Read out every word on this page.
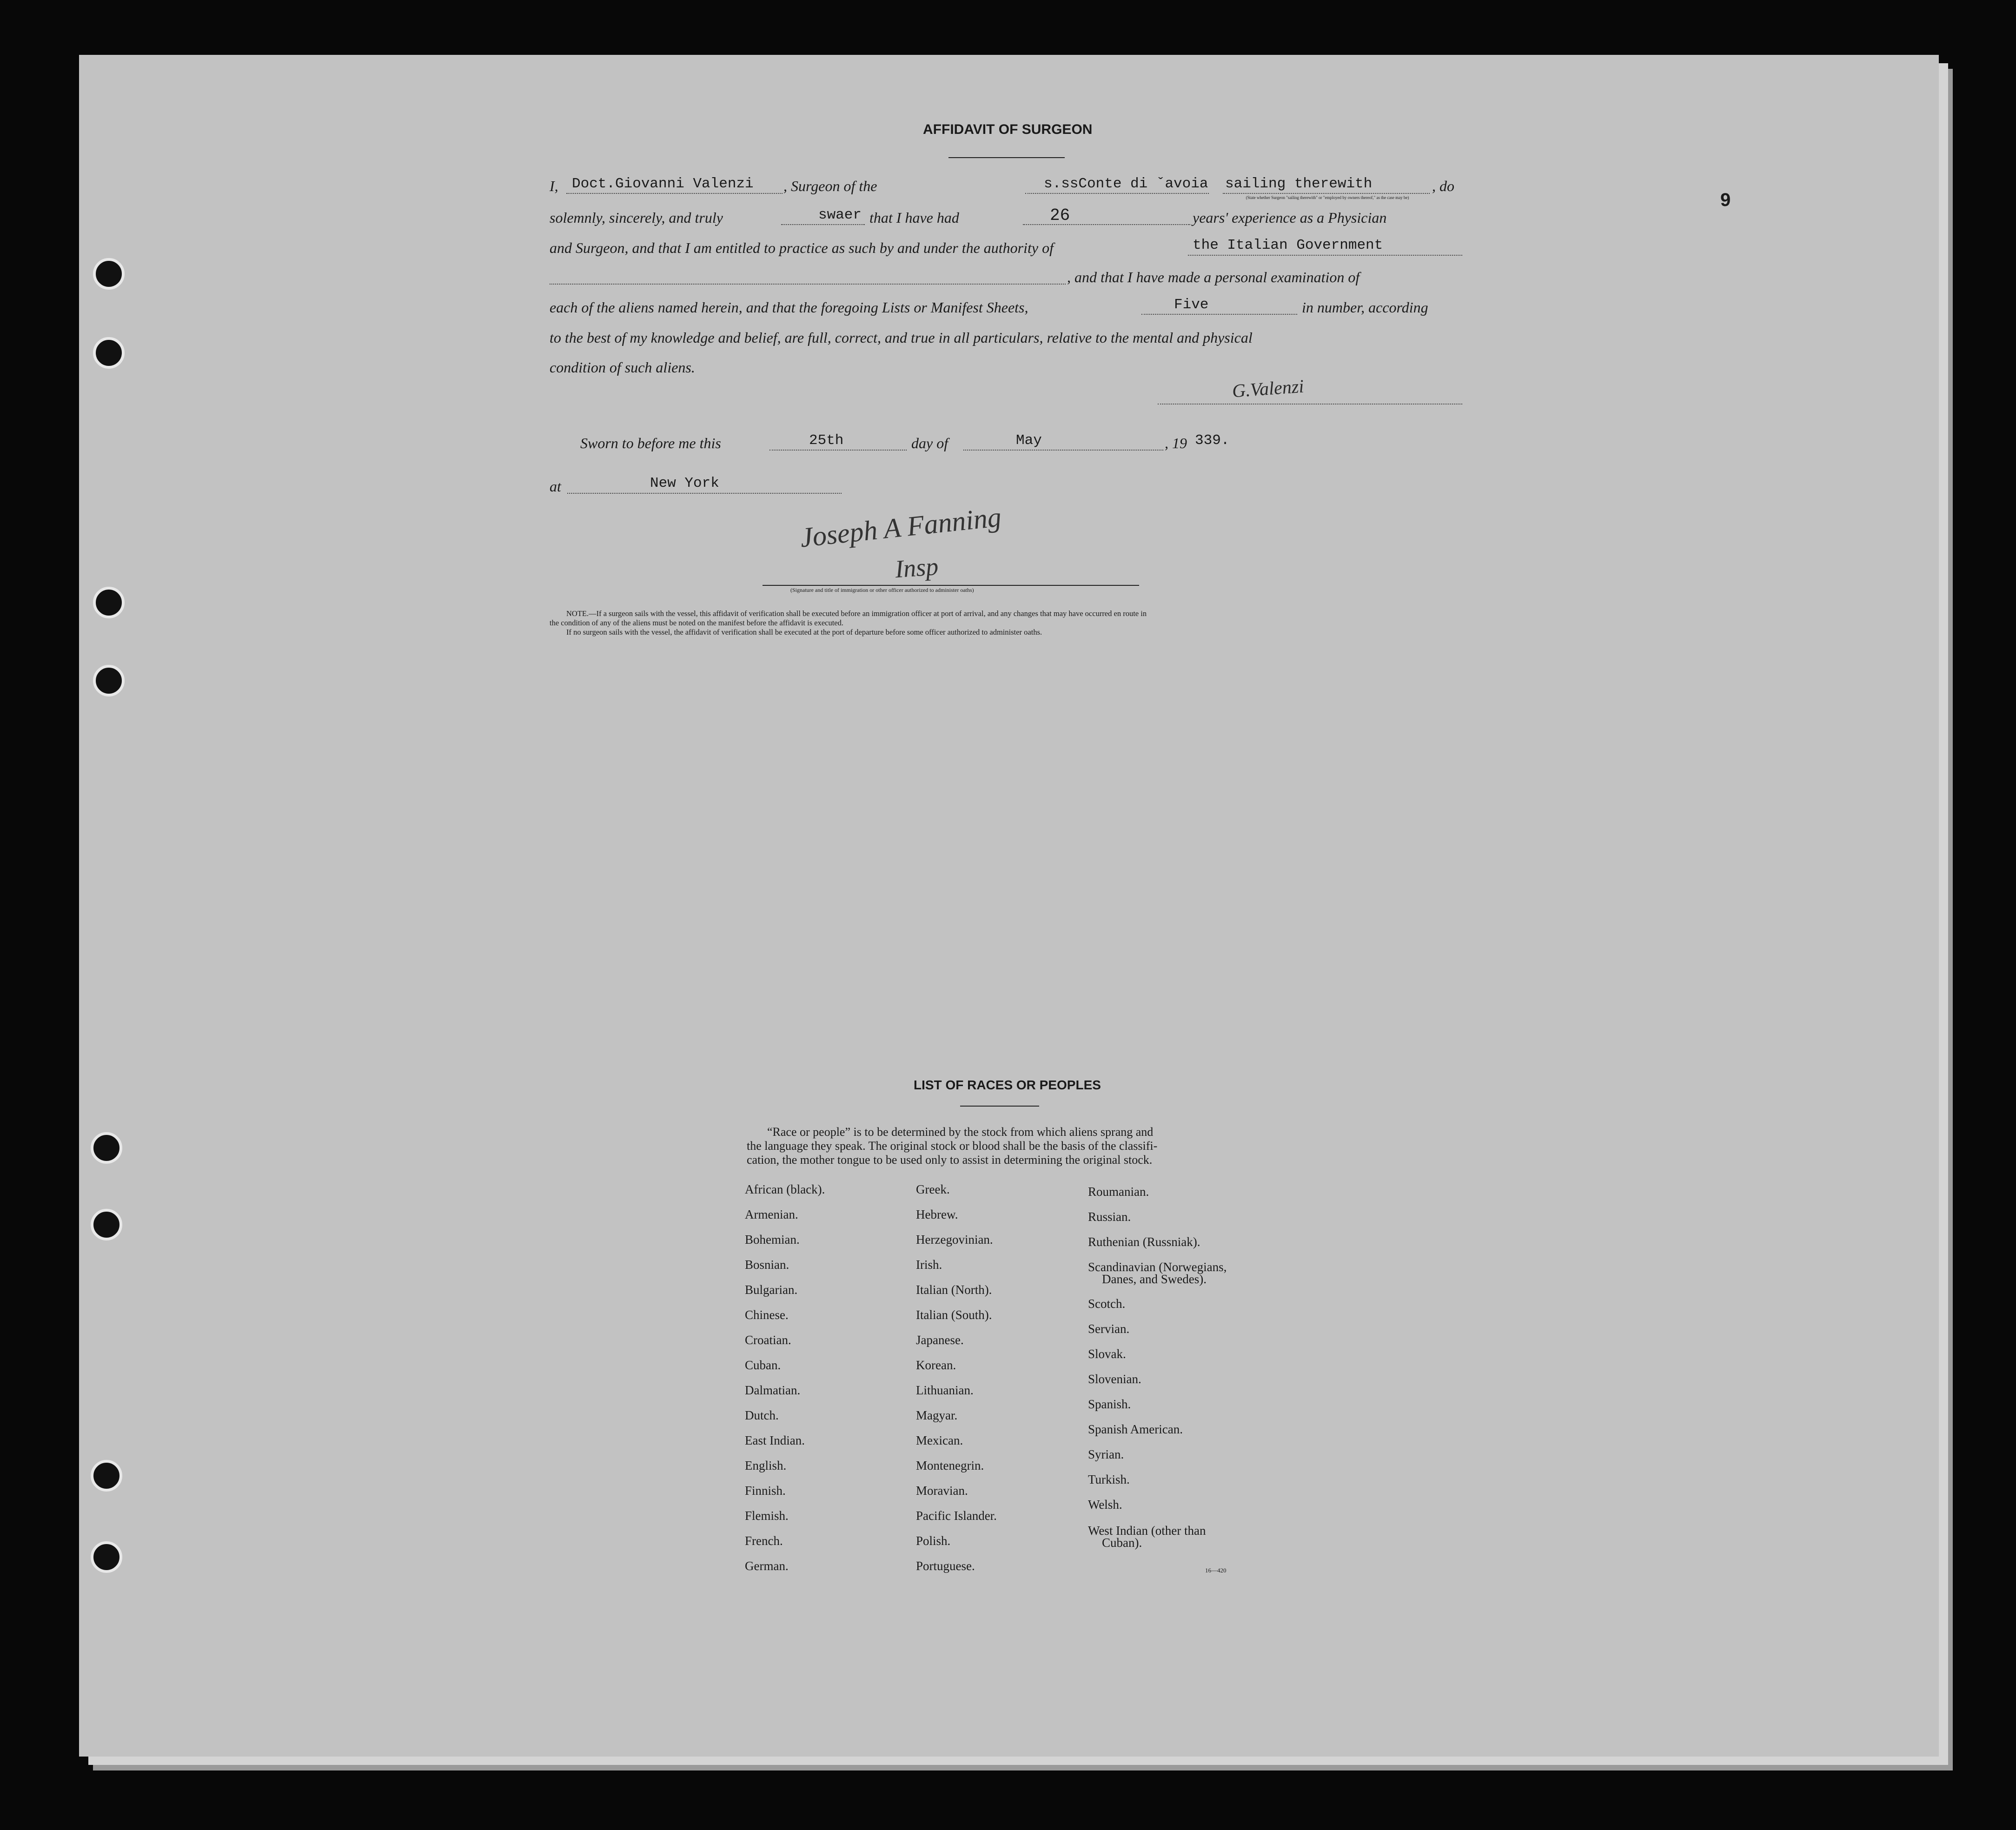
9
AFFIDAVIT OF SURGEON
I, Doct.Giovanni Valenzi , Surgeon of the	s.ssConte di ˇavoia sailing therewith	, do
(State whether Surgeon "sailing therewith" or "employed by owners thereof," as the case may be)
solemnly, sincerely, and truly	swaer that I have had	26	years' experience as a Physician
and Surgeon, and that I am entitled to practice as such by and under the authority of	the Italian Government
, and that I have made a personal examination of
each of the aliens named herein, and that the foregoing Lists or Manifest Sheets,	Five	in number, according
to the best of my knowledge and belief, are full, correct, and true in all particulars, relative to the mental and physical
condition of such aliens.
G.Valenzi
Sworn to before me this	25th	day of	May	, 19 339.
at	New York
Joseph A Fanning
Insp
(Signature and title of immigration or other officer authorized to administer oaths)
NOTE.—If a surgeon sails with the vessel, this affidavit of verification shall be executed before an immigration officer at port of arrival, and any changes that may have occurred en route in
the condition of any of the aliens must be noted on the manifest before the affidavit is executed.
If no surgeon sails with the vessel, the affidavit of verification shall be executed at the port of departure before some officer authorized to administer oaths.
LIST OF RACES OR PEOPLES
“Race or people” is to be determined by the stock from which aliens sprang and
the language they speak. The original stock or blood shall be the basis of the classifi-
cation, the mother tongue to be used only to assist in determining the original stock.
African (black).
Armenian.
Bohemian.
Bosnian.
Bulgarian.
Chinese.
Croatian.
Cuban.
Dalmatian.
Dutch.
East Indian.
English.
Finnish.
Flemish.
French.
German.
Greek.
Hebrew.
Herzegovinian.
Irish.
Italian (North).
Italian (South).
Japanese.
Korean.
Lithuanian.
Magyar.
Mexican.
Montenegrin.
Moravian.
Pacific Islander.
Polish.
Portuguese.
Roumanian.
Russian.
Ruthenian (Russniak).
Scandinavian (Norwegians,
Danes, and Swedes).
Scotch.
Servian.
Slovak.
Slovenian.
Spanish.
Spanish American.
Syrian.
Turkish.
Welsh.
West Indian (other than
Cuban).
16—420
